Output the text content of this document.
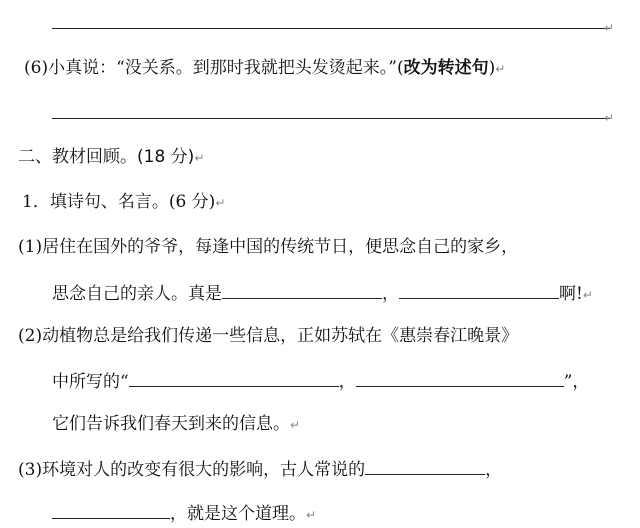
↵
(6)小真说：“没关系。到那时我就把头发烫起来。”(改为转述句)↵
↵
二、教材回顾。(18 分)↵
1．填诗句、名言。(6 分)↵
(1)居住在国外的爷爷，每逢中国的传统节日，便思念自己的家乡，
思念自己的亲人。真是	，	啊!↵
(2)动植物总是给我们传递一些信息，正如苏轼在《惠崇春江晚景》
中所写的“	，	”，
它们告诉我们春天到来的信息。↵
(3)环境对人的改变有很大的影响，古人常说的	，
，就是这个道理。↵
